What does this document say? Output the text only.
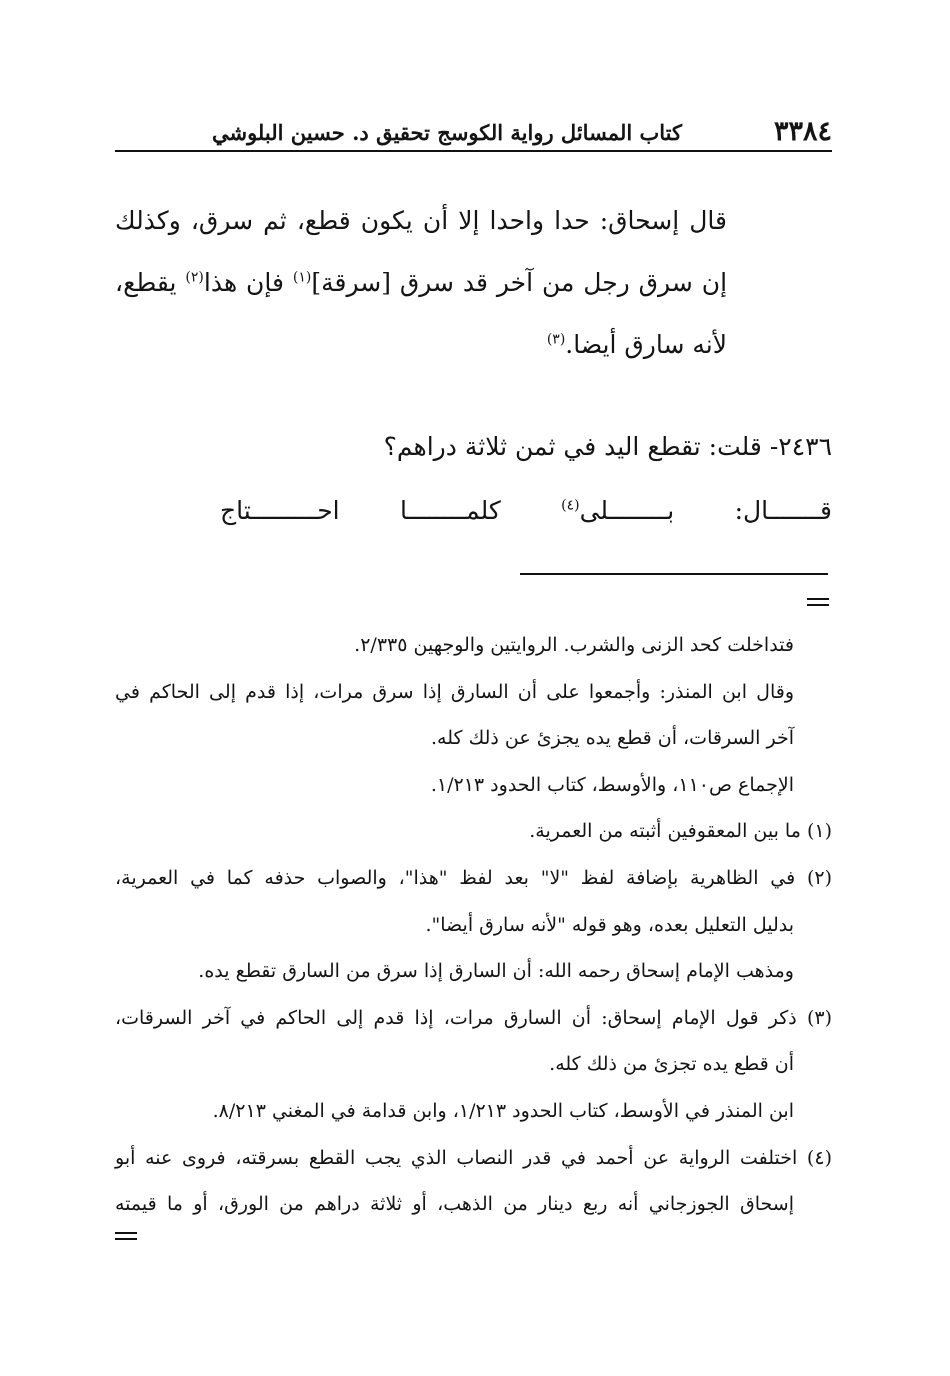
٣٣٨٤
كتاب المسائل رواية الكوسج تحقيق د. حسين البلوشي
قال إسحاق: حدا واحدا إلا أن يكون قطع، ثم سرق، وكذلك
إن سرق رجل من آخر قد سرق [سرقة]$^{(١)}$ فإن هذا$^{(٢)}$ يقطع،
لأنه سارق أيضا.$^{(٣)}$
٢٤٣٦- قلت: تقطع اليد في ثمن ثلاثة دراهم؟
قـــــــال: بــــــــلى$^{(٤)}$ كلمــــــــا احـــــــــتاج
فتداخلت كحد الزنى والشرب. الروايتين والوجهين ٢/٣٣٥.
وقال ابن المنذر: وأجمعوا على أن السارق إذا سرق مرات، إذا قدم إلى الحاكم في
آخر السرقات، أن قطع يده يجزئ عن ذلك كله.
الإجماع ص١١٠، والأوسط، كتاب الحدود ١/٢١٣.
(١) ما بين المعقوفين أثبته من العمرية.
(٢) في الظاهرية بإضافة لفظ "لا" بعد لفظ "هذا"، والصواب حذفه كما في العمرية،
بدليل التعليل بعده، وهو قوله "لأنه سارق أيضا".
ومذهب الإمام إسحاق رحمه الله: أن السارق إذا سرق من السارق تقطع يده.
(٣) ذكر قول الإمام إسحاق: أن السارق مرات، إذا قدم إلى الحاكم في آخر السرقات،
أن قطع يده تجزئ من ذلك كله.
ابن المنذر في الأوسط، كتاب الحدود ١/٢١٣، وابن قدامة في المغني ٨/٢١٣.
(٤) اختلفت الرواية عن أحمد في قدر النصاب الذي يجب القطع بسرقته، فروى عنه أبو
إسحاق الجوزجاني أنه ربع دينار من الذهب، أو ثلاثة دراهم من الورق، أو ما قيمته
